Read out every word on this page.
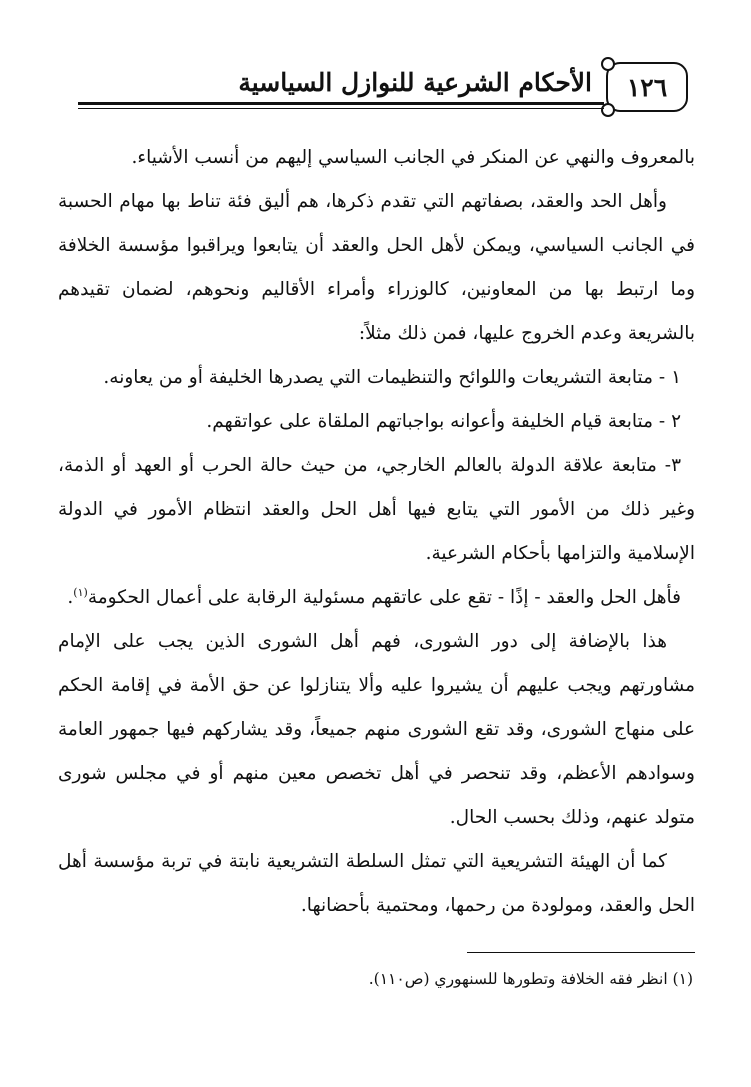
١٢٦
الأحكام الشرعية للنوازل السياسية

بالمعروف والنهي عن المنكر في الجانب السياسي إليهم من أنسب الأشياء.

وأهل الحد والعقد، بصفاتهم التي تقدم ذكرها، هم أليق فئة تناط بها مهام الحسبة في الجانب السياسي، ويمكن لأهل الحل والعقد أن يتابعوا ويراقبوا مؤسسة الخلافة وما ارتبط بها من المعاونين، كالوزراء وأمراء الأقاليم ونحوهم، لضمان تقيدهم بالشريعة وعدم الخروج عليها، فمن ذلك مثلاً:

١ - متابعة التشريعات واللوائح والتنظيمات التي يصدرها الخليفة أو من يعاونه.

٢ - متابعة قيام الخليفة وأعوانه بواجباتهم الملقاة على عواتقهم.

٣- متابعة علاقة الدولة بالعالم الخارجي، من حيث حالة الحرب أو العهد أو الذمة، وغير ذلك من الأمور التي يتابع فيها أهل الحل والعقد انتظام الأمور في الدولة الإسلامية والتزامها بأحكام الشرعية.

فأهل الحل والعقد - إذًا - تقع على عاتقهم مسئولية الرقابة على أعمال الحكومة$^{(١)}$.

هذا بالإضافة إلى دور الشورى، فهم أهل الشورى الذين يجب على الإمام مشاورتهم ويجب عليهم أن يشيروا عليه وألا يتنازلوا عن حق الأمة في إقامة الحكم على منهاج الشورى، وقد تقع الشورى منهم جميعاً، وقد يشاركهم فيها جمهور العامة وسوادهم الأعظم، وقد تنحصر في أهل تخصص معين منهم أو في مجلس شورى متولد عنهم، وذلك بحسب الحال.

كما أن الهيئة التشريعية التي تمثل السلطة التشريعية نابتة في تربة مؤسسة أهل الحل والعقد، ومولودة من رحمها، ومحتمية بأحضانها.

(١) انظر فقه الخلافة وتطورها للسنهوري (ص١١٠).
